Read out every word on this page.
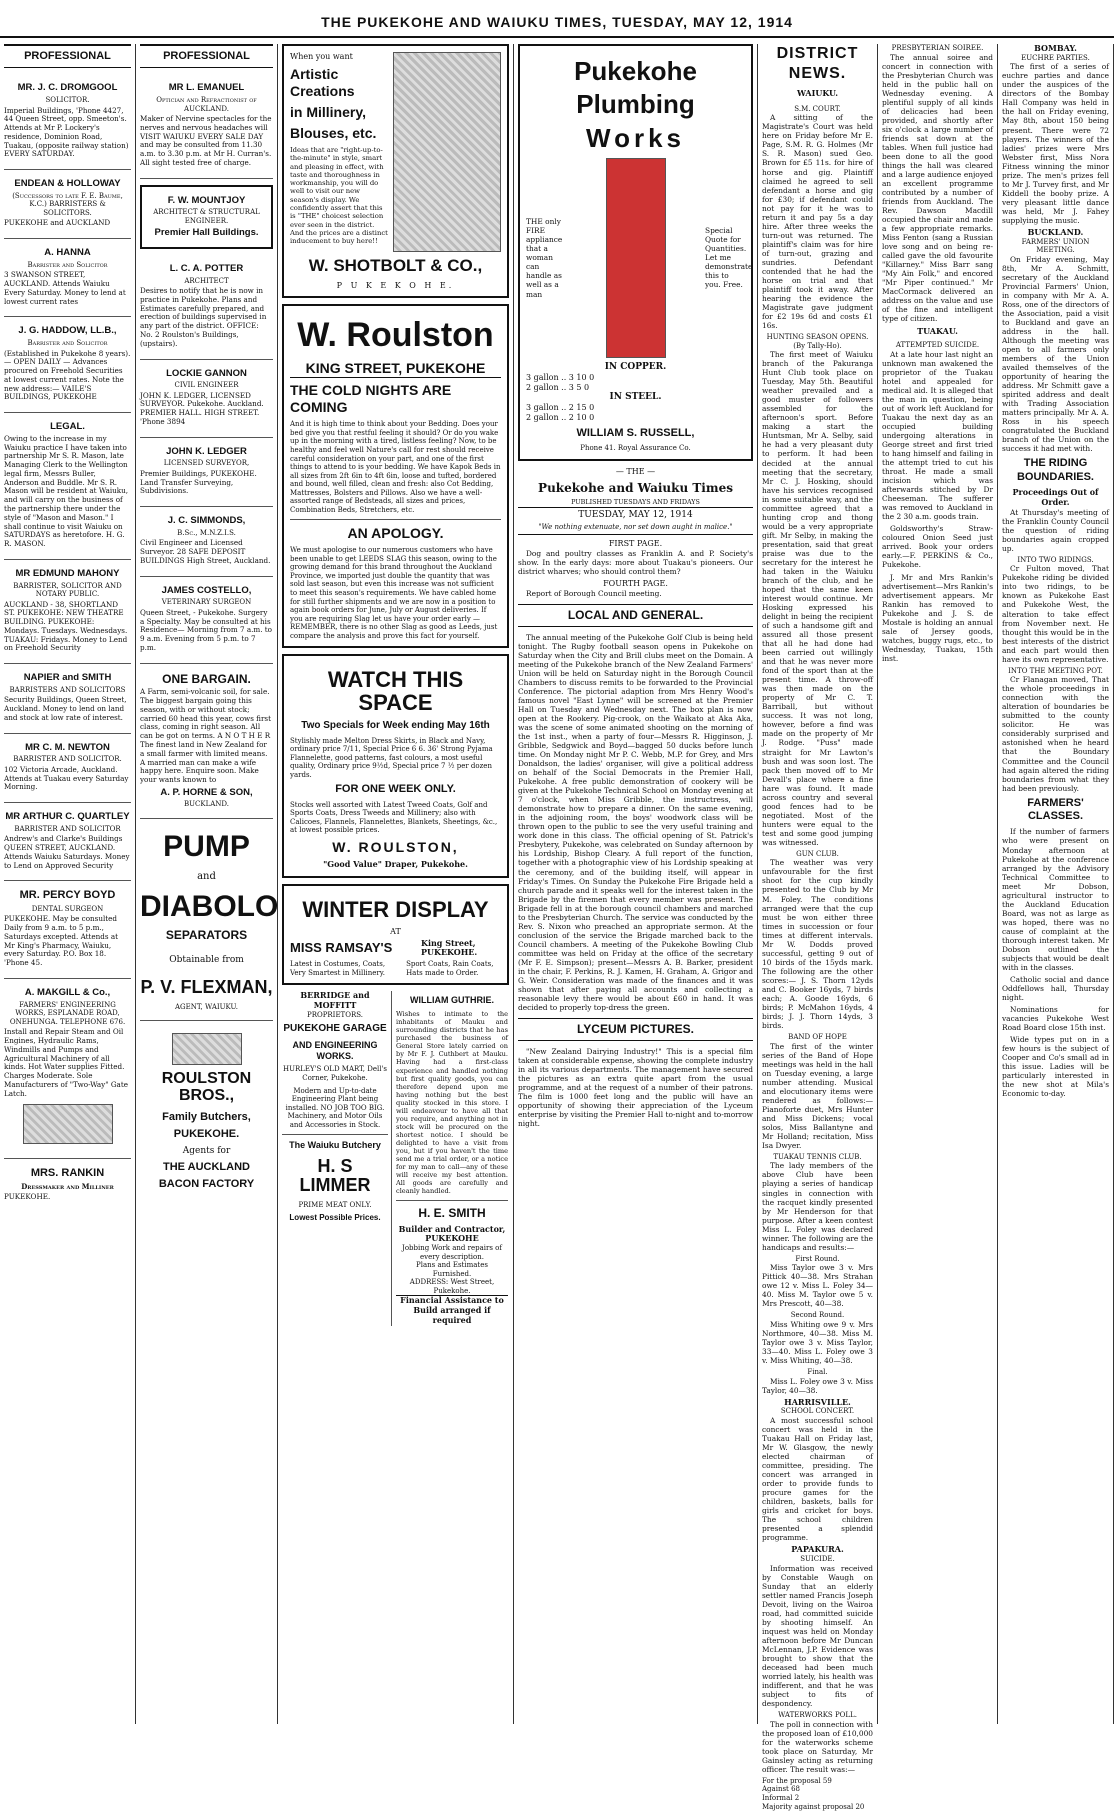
THE PUKEKOHE AND WAIUKU TIMES, TUESDAY, MAY 12, 1914
PROFESSIONAL
MR. J. C. DROMGOOL
SOLICITOR.

Imperial Buildings, 'Phone 4427, 44 Queen Street, opp. Smeeton's. Attends at Mr P. Lockery's residence, Dominion Road, Tuakau, (opposite railway station) EVERY SATURDAY.

ENDEAN & HOLLOWAY
(Successors to late F. E. Baume, K.C.) BARRISTERS & SOLICITORS.

PUKEKOHE and AUCKLAND

A. HANNA
Barrister and Solicitor

3 SWANSON STREET, AUCKLAND. Attends Waiuku Every Saturday. Money to lend at lowest current rates

J. G. HADDOW, LL.B.,
Barrister and Solicitor

(Established in Pukekohe 8 years). — OPEN DAILY — Advances procured on Freehold Securities at lowest current rates. Note the new address:— VAILE'S BUILDINGS, PUKEKOHE

LEGAL.

Owing to the increase in my Waiuku practice I have taken into partnership Mr S. R. Mason, late Managing Clerk to the Wellington legal firm, Messrs Buller, Anderson and Buddle. Mr S. R. Mason will be resident at Waiuku, and will carry on the business of the partnership there under the style of "Mason and Mason." I shall continue to visit Waiuku on SATURDAYS as heretofore. H. G. R. MASON.

MR EDMUND MAHONY
BARRISTER, SOLICITOR AND NOTARY PUBLIC.

AUCKLAND - 38, SHORTLAND ST. PUKEKOHE: NEW THEATRE BUILDING. PUKEKOHE: Mondays. Tuesdays. Wednesdays. TUAKAU: Fridays. Money to Lend on Freehold Security

NAPIER and SMITH
BARRISTERS AND SOLICITORS

Security Buildings, Queen Street, Auckland. Money to lend on land and stock at low rate of interest.

MR C. M. NEWTON
BARRISTER AND SOLICITOR.

102 Victoria Arcade, Auckland. Attends at Tuakau every Saturday Morning.

MR ARTHUR C. QUARTLEY
BARRISTER AND SOLICITOR

Andrew's and Clarke's Buildings QUEEN STREET, AUCKLAND. Attends Waiuku Saturdays. Money to Lend on Approved Security

MR. PERCY BOYD
DENTAL SURGEON

PUKEKOHE. May be consulted Daily from 9 a.m. to 5 p.m., Saturdays excepted. Attends at Mr King's Pharmacy, Waiuku, every Saturday. P.O. Box 18. 'Phone 45.

A. MAKGILL & Co.,
FARMERS' ENGINEERING WORKS, ESPLANADE ROAD, ONEHUNGA. TELEPHONE 676.

Install and Repair Steam and Oil Engines, Hydraulic Rams, Windmills and Pumps and Agricultural Machinery of all kinds. Hot Water supplies Fitted. Charges Moderate. Sole Manufacturers of "Two-Way" Gate Latch.

MRS. RANKIN
Dressmaker and Milliner

PUKEKOHE.

PROFESSIONAL
MR L. EMANUEL
Optician and Refractionist of AUCKLAND.

Maker of Nervine spectacles for the nerves and nervous headaches will VISIT WAIUKU EVERY SALE DAY and may be consulted from 11.30 a.m. to 3.30 p.m. at Mr H. Curran's. All sight tested free of charge.

F. W. MOUNTJOY
ARCHITECT & STRUCTURAL ENGINEER.
Premier Hall Buildings.
L. C. A. POTTER
ARCHITECT

Desires to notify that he is now in practice in Pukekohe. Plans and Estimates carefully prepared, and erection of buildings supervised in any part of the district. OFFICE: No. 2 Roulston's Buildings, (upstairs).

LOCKIE GANNON
CIVIL ENGINEER

JOHN K. LEDGER, LICENSED SURVEYOR. Pukekohe. Auckland. PREMIER HALL. HIGH STREET. 'Phone 3894

JOHN K. LEDGER
LICENSED SURVEYOR,

Premier Buildings, PUKEKOHE. Land Transfer Surveying, Subdivisions.

J. C. SIMMONDS,
B.Sc., M.N.Z.I.S.

Civil Engineer and Licensed Surveyor. 28 SAFE DEPOSIT BUILDINGS High Street, Auckland.

JAMES COSTELLO,
VETERINARY SURGEON

Queen Street, - Pukekohe. Surgery a Specialty. May be consulted at his Residence— Morning from 7 a.m. to 9 a.m. Evening from 5 p.m. to 7 p.m.

ONE BARGAIN.

A Farm, semi-volcanic soil, for sale. The biggest bargain going this season, with or without stock; carried 60 head this year, cows first class, coming in right season. All can be got on terms. A N O T H E R The finest land in New Zealand for a small farmer with limited means. A married man can make a wife happy here. Enquire soon. Make your wants known to

A. P. HORNE & SON,
BUCKLAND.
PUMP
and
DIABOLO
SEPARATORS
Obtainable from
P. V. FLEXMAN,
AGENT, WAIUKU.
ROULSTON BROS.,
Family Butchers,
PUKEKOHE.
Agents for
THE AUCKLAND
BACON FACTORY
When you want
Artistic Creations
in Millinery,
Blouses, etc.

Ideas that are "right-up-to-the-minute" in style, smart and pleasing in effect, with taste and thoroughness in workmanship, you will do well to visit our new season's display. We confidently assert that this is "THE" choicest selection ever seen in the district. And the prices are a distinct inducement to buy here!!

W. SHOTBOLT & CO.,
P U K E K O H E.
W. Roulston
KING STREET, PUKEKOHE
THE COLD NIGHTS ARE COMING

And it is high time to think about your Bedding. Does your bed give you that restful feeling it should? Or do you wake up in the morning with a tired, listless feeling? Now, to be healthy and feel well Nature's call for rest should receive careful consideration on your part, and one of the first things to attend to is your bedding. We have Kapok Beds in all sizes from 2ft 6in to 4ft 6in, loose and tufted, bordered and bound, well filled, clean and fresh: also Cot Bedding, Mattresses, Bolsters and Pillows. Also we have a well-assorted range of Bedsteads, all sizes and prices, Combination Beds, Stretchers, etc.

AN APOLOGY.

We must apologise to our numerous customers who have been unable to get LEEDS SLAG this season, owing to the growing demand for this brand throughout the Auckland Province, we imported just double the quantity that was sold last season, but even this increase was not sufficient to meet this season's requirements. We have cabled home for still further shipments and we are now in a position to again book orders for June, July or August deliveries. If you are requiring Slag let us have your order early —REMEMBER, there is no other Slag as good as Leeds, just compare the analysis and prove this fact for yourself.

WATCH THIS SPACE
Two Specials for Week ending May 16th

Stylishly made Melton Dress Skirts, in Black and Navy, ordinary price 7/11, Special Price 6 6. 36' Strong Pyjama Flannelette, good patterns, fast colours, a most useful quality, Ordinary price 9½d, Special price 7 ½ per dozen yards.

FOR ONE WEEK ONLY.

Stocks well assorted with Latest Tweed Coats, Golf and Sports Coats, Dress Tweeds and Millinery; also with Calicoes, Flannels, Flannelettes, Blankets, Sheetings, &c., at lowest possible prices.

W. ROULSTON,
"Good Value" Draper, Pukekohe.
WINTER DISPLAY
AT
MISS RAMSAY'S	King Street, PUKEKOHE.
Latest in Costumes, Coats, Very Smartest in Millinery.
Sport Coats, Rain Coats, Hats made to Order.
BERRIDGE and MOFFITT
PROPRIETORS.
PUKEKOHE GARAGE
AND ENGINEERING WORKS.

HURLEY'S OLD MART, Dell's Corner, Pukekohe.

Modern and Up-to-date Engineering Plant being installed. NO JOB TOO BIG. Machinery, and Motor Oils and Accessories in Stock.

The Waiuku Butchery
H. S LIMMER
PRIME MEAT ONLY.
Lowest Possible Prices.
WILLIAM GUTHRIE.

Wishes to intimate to the inhabitants of Mauku and surrounding districts that he has purchased the business of General Store lately carried on by Mr F. J. Cuthbert at Mauku. Having had a first-class experience and handled nothing but first quality goods, you can therefore depend upon me having nothing but the best quality stocked in this store. I will endeavour to have all that you require, and anything not in stock will be procured on the shortest notice. I should be delighted to have a visit from you, but if you haven't the time send me a trial order, or a notice for my man to call—any of these will receive my best attention. All goods are carefully and cleanly handled.

H. E. SMITH
Builder and Contractor, PUKEKOHE

Jobbing Work and repairs of every description.

Plans and Estimates Furnished.

ADDRESS: West Street, Pukekohe.

Financial Assistance to Build arranged if required
Pukekohe
Plumbing
Works

THE only FIRE appliance that a woman can handle as well as a man

Special Quote for Quantities. Let me demonstrate this to you. Free.

IN COPPER.
3 gallon .. 3 10 0
2 gallon .. 3 5 0
IN STEEL.
3 gallon .. 2 15 0
2 gallon .. 2 10 0
WILLIAM S. RUSSELL,
Phone 41. Royal Assurance Co.
— THE —
Pukekohe and Waiuku Times
PUBLISHED TUESDAYS AND FRIDAYS
TUESDAY, MAY 12, 1914
"We nothing extenuate, nor set down aught in malice."
FIRST PAGE.

Dog and poultry classes as Franklin A. and P. Society's show. In the early days: more about Tuakau's pioneers. Our district wharves; who should control them?

FOURTH PAGE.

Report of Borough Council meeting.

LOCAL AND GENERAL.

The annual meeting of the Pukekohe Golf Club is being held tonight. The Rugby football season opens in Pukekohe on Saturday when the City and Brill clubs meet on the Domain. A meeting of the Pukekohe branch of the New Zealand Farmers' Union will be held on Saturday night in the Borough Council Chambers to discuss remits to be forwarded to the Provincial Conference. The pictorial adaption from Mrs Henry Wood's famous novel "East Lynne" will be screened at the Premier Hall on Tuesday and Wednesday next. The box plan is now open at the Rookery. Pig-crook, on the Waikato at Aka Aka, was the scene of some animated shooting on the morning of the 1st inst., when a party of four—Messrs R. Higginson, J. Gribble, Sedgwick and Boyd—bagged 50 ducks before lunch time. On Monday night Mr P. C. Webb, M.P. for Grey, and Mrs Donaldson, the ladies' organiser, will give a political address on behalf of the Social Democrats in the Premier Hall, Pukekohe. A free public demonstration of cookery will be given at the Pukekohe Technical School on Monday evening at 7 o'clock, when Miss Gribble, the instructress, will demonstrate how to prepare a dinner. On the same evening, in the adjoining room, the boys' woodwork class will be thrown open to the public to see the very useful training and work done in this class. The official opening of St. Patrick's Presbytery, Pukekohe, was celebrated on Sunday afternoon by his Lordship, Bishop Cleary. A full report of the function, together with a photographic view of his Lordship speaking at the ceremony, and of the building itself, will appear in Friday's Times. On Sunday the Pukekohe Fire Brigade held a church parade and it speaks well for the interest taken in the Brigade by the firemen that every member was present. The Brigade fell in at the borough council chambers and marched to the Presbyterian Church. The service was conducted by the Rev. S. Nixon who preached an appropriate sermon. At the conclusion of the service the Brigade marched back to the Council chambers. A meeting of the Pukekohe Bowling Club committee was held on Friday at the office of the secretary (Mr F. E. Simpson); present—Messrs A. B. Barker, president in the chair, F. Perkins, R. J. Kamen, H. Graham, A. Grigor and G. Weir. Consideration was made of the finances and it was shown that after paying all accounts and collecting a reasonable levy there would be about £60 in hand. It was decided to properly top-dress the green.

LYCEUM PICTURES.

"New Zealand Dairying Industry!" This is a special film taken at considerable expense, showing the complete industry in all its various departments. The management have secured the pictures as an extra quite apart from the usual programme, and at the request of a number of their patrons. The film is 1000 feet long and the public will have an opportunity of showing their appreciation of the Lyceum enterprise by visiting the Premier Hall to-night and to-morrow night.

DISTRICT NEWS.
WAIUKU.
S.M. COURT.

A sitting of the Magistrate's Court was held here on Friday before Mr E. Page, S.M. R. G. Holmes (Mr S. R. Mason) sued Geo. Brown for £5 11s. for hire of horse and gig. Plaintiff claimed he agreed to sell defendant a horse and gig for £30; if defendant could not pay for it he was to return it and pay 5s a day hire. After three weeks the turn-out was returned. The plaintiff's claim was for hire of turn-out, grazing and sundries. Defendant contended that he had the horse on trial and that plaintiff took it away. After hearing the evidence the Magistrate gave judgment for £2 19s 6d and costs £1 16s.

HUNTING SEASON OPENS.
(By Tally-Ho).

The first meet of Waiuku branch of the Pakuranga Hunt Club took place on Tuesday, May 5th. Beautiful weather prevailed and a good muster of followers assembled for the afternoon's sport. Before making a start the Huntsman, Mr A. Selby, said he had a very pleasant duty to perform. It had been decided at the annual meeting that the secretary, Mr C. J. Hosking, should have his services recognised in some suitable way, and the committee agreed that a hunting crop and thong would be a very appropriate gift. Mr Selby, in making the presentation, said that great praise was due to the secretary for the interest he had taken in the Waiuku branch of the club, and he hoped that the same keen interest would continue. Mr Hosking expressed his delight in being the recipient of such a handsome gift and assured all those present that all he had done had been carried out willingly and that he was never more fond of the sport than at the present time. A throw-off was then made on the property of Mr C. T. Barriball, but without success. It was not long, however, before a find was made on the property of Mr J. Rodge. "Puss" made straight for Mr Lawton's bush and was soon lost. The pack then moved off to Mr Devall's place where a fine hare was found. It made across country and several good fences had to be negotiated. Most of the hunters were equal to the test and some good jumping was witnessed.

GUN CLUB.

The weather was very unfavourable for the first shoot for the cup kindly presented to the Club by Mr M. Foley. The conditions arranged were that the cup must be won either three times in succession or four times at different intervals. Mr W. Dodds proved successful, getting 9 out of 10 birds of the 15yds mark. The following are the other scores:— J. S. Thorn 12yds and C. Booker 16yds, 7 birds each; A. Goode 16yds, 6 birds; P. McMahon 16yds, 4 birds; J. J. Thorn 14yds, 3 birds.

BAND OF HOPE

The first of the winter series of the Band of Hope meetings was held in the hall on Tuesday evening, a large number attending. Musical and elocutionary items were rendered as follows:—Pianoforte duet, Mrs Hunter and Miss Dickens; vocal solos, Miss Ballantyne and Mr Holland; recitation, Miss Isa Dwyer.

TUAKAU TENNIS CLUB.

The lady members of the above Club have been playing a series of handicap singles in connection with the racquet kindly presented by Mr Henderson for that purpose. After a keen contest Miss L. Foley was declared winner. The following are the handicaps and results:—

First Round.

Miss Taylor owe 3 v. Mrs Pittick 40—38. Mrs Strahan owe 12 v. Miss L. Foley 34—40. Miss M. Taylor owe 5 v. Mrs Prescott, 40—38.

Second Round.

Miss Whiting owe 9 v. Mrs Northmore, 40—38. Miss M. Taylor owe 3 v. Miss Taylor, 33—40. Miss L. Foley owe 3 v. Miss Whiting, 40—38.

Final.

Miss L. Foley owe 3 v. Miss Taylor, 40—38.

HARRISVILLE.
SCHOOL CONCERT.

A most successful school concert was held in the Tuakau Hall on Friday last, Mr W. Glasgow, the newly elected chairman of committee, presiding. The concert was arranged in order to provide funds to procure games for the children, baskets, balls for girls and cricket for boys. The school children presented a splendid programme.

PAPAKURA.
SUICIDE.

Information was received by Constable Waugh on Sunday that an elderly settler named Francis Joseph Devoit, living on the Wairoa road, had committed suicide by shooting himself. An inquest was held on Monday afternoon before Mr Duncan McLennan, J.P. Evidence was brought to show that the deceased had been much worried lately, his health was indifferent, and that he was subject to fits of despondency.

WATERWORKS POLL.

The poll in connection with the proposed loan of £10,000 for the waterworks scheme took place on Saturday, Mr Gainsley acting as returning officer. The result was:—

For the proposal 59
Against 68
Informal 2
Majority against proposal 20
PRESBYTERIAN SOIREE.

The annual soiree and concert in connection with the Presbyterian Church was held in the public hall on Wednesday evening. A plentiful supply of all kinds of delicacies had been provided, and shortly after six o'clock a large number of friends sat down at the tables. When full justice had been done to all the good things the hall was cleared and a large audience enjoyed an excellent programme contributed by a number of friends from Auckland. The Rev. Dawson Macdill occupied the chair and made a few appropriate remarks. Miss Fenton (sang a Russian love song and on being re-called gave the old favourite "Killarney." Miss Barr sang "My Ain Folk," and encored "Mr Piper continued." Mr MacCormack delivered an address on the value and use of the fine and intelligent type of citizen.

TUAKAU.
ATTEMPTED SUICIDE.

At a late hour last night an unknown man awakened the proprietor of the Tuakau hotel and appealed for medical aid. It is alleged that the man in question, being out of work left Auckland for Tuakau the next day as an occupied building undergoing alterations in George street and first tried to hang himself and failing in the attempt tried to cut his throat. He made a small incision which was afterwards stitched by Dr Cheeseman. The sufferer was removed to Auckland in the 2 30 a.m. goods train.

Goldsworthy's Straw-coloured Onion Seed just arrived. Book your orders early.—F. PERKINS & Co., Pukekohe.

J. Mr and Mrs Rankin's advertisement—Mrs Rankin's advertisement appears. Mr Rankin has removed to Pukekohe and J. S. de Mostale is holding an annual sale of Jersey goods, watches, buggy rugs, etc., to Wednesday, Tuakau, 15th inst.

BOMBAY.
EUCHRE PARTIES.

The first of a series of euchre parties and dance under the auspices of the directors of the Bombay Hall Company was held in the hall on Friday evening, May 8th, about 150 being present. There were 72 players. The winners of the ladies' prizes were Mrs Webster first, Miss Nora Fitness winning the minor prize. The men's prizes fell to Mr J. Turvey first, and Mr Kiddell the booby prize. A very pleasant little dance was held, Mr J. Fahey supplying the music.

BUCKLAND.
FARMERS' UNION MEETING.

On Friday evening, May 8th, Mr A. Schmitt, secretary of the Auckland Provincial Farmers' Union, in company with Mr A. A. Ross, one of the directors of the Association, paid a visit to Buckland and gave an address in the hall. Although the meeting was open to all farmers only members of the Union availed themselves of the opportunity of hearing the address. Mr Schmitt gave a spirited address and dealt with Trading Association matters principally. Mr A. A. Ross in his speech congratulated the Buckland branch of the Union on the success it had met with.

THE RIDING BOUNDARIES.
Proceedings Out of Order.

At Thursday's meeting of the Franklin County Council the question of riding boundaries again cropped up.

INTO TWO RIDINGS.

Cr Fulton moved, That Pukekohe riding be divided into two ridings, to be known as Pukekohe East and Pukekohe West, the alteration to take effect from November next. He thought this would be in the best interests of the district and each part would then have its own representative.

INTO THE MEETING POT.

Cr Flanagan moved, That the whole proceedings in connection with the alteration of boundaries be submitted to the county solicitor. He was considerably surprised and astonished when he heard that the Boundary Committee and the Council had again altered the riding boundaries from what they had been previously.

FARMERS' CLASSES.

If the number of farmers who were present on Monday afternoon at Pukekohe at the conference arranged by the Advisory Technical Committee to meet Mr Dobson, agricultural instructor to the Auckland Education Board, was not as large as was hoped, there was no cause of complaint at the thorough interest taken. Mr Dobson outlined the subjects that would be dealt with in the classes.

Catholic social and dance Oddfellows hall, Thursday night.

Nominations for vacancies Pukekohe West Road Board close 15th inst.

Wide types put on in a few hours is the subject of Cooper and Co's small ad in this issue. Ladies will be particularly interested in the new shot at Mila's Economic to-day.
